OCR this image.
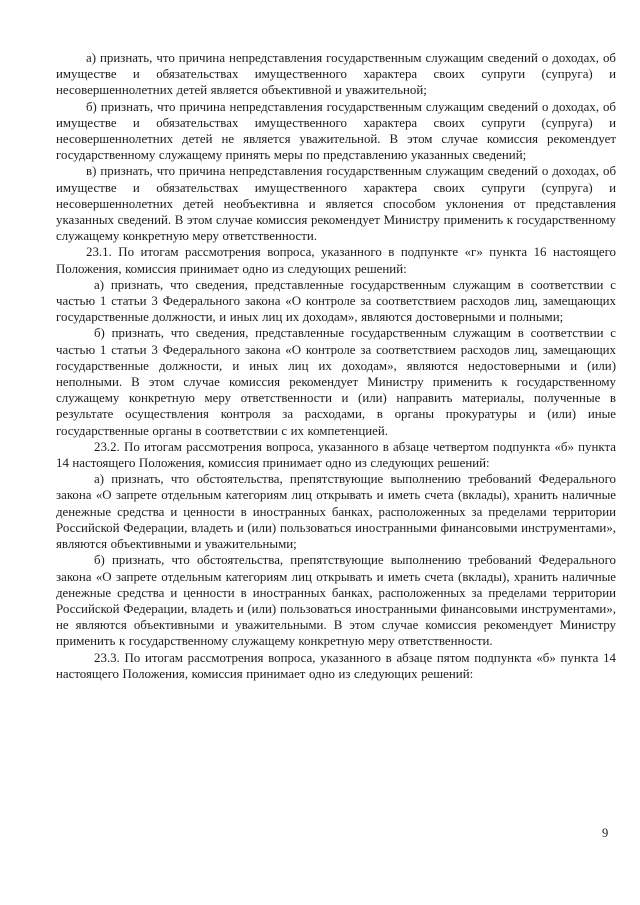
а) признать, что причина непредставления государственным служащим сведений о доходах, об имуществе и обязательствах имущественного характера своих супруги (супруга) и несовершеннолетних детей является объективной и уважительной;

б) признать, что причина непредставления государственным служащим сведений о доходах, об имуществе и обязательствах имущественного характера своих супруги (супруга) и несовершеннолетних детей не является уважительной. В этом случае комиссия рекомендует государственному служащему принять меры по представлению указанных сведений;

в) признать, что причина непредставления государственным служащим сведений о доходах, об имуществе и обязательствах имущественного характера своих супруги (супруга) и несовершеннолетних детей необъективна и является способом уклонения от представления указанных сведений. В этом случае комиссия рекомендует Министру применить к государственному служащему конкретную меру ответственности.

23.1. По итогам рассмотрения вопроса, указанного в подпункте «г» пункта 16 настоящего Положения, комиссия принимает одно из следующих решений:

а) признать, что сведения, представленные государственным служащим в соответствии с частью 1 статьи 3 Федерального закона «О контроле за соответствием расходов лиц, замещающих государственные должности, и иных лиц их доходам», являются достоверными и полными;

б) признать, что сведения, представленные государственным служащим в соответствии с частью 1 статьи 3 Федерального закона «О контроле за соответствием расходов лиц, замещающих государственные должности, и иных лиц их доходам», являются недостоверными и (или) неполными. В этом случае комиссия рекомендует Министру применить к государственному служащему конкретную меру ответственности и (или) направить материалы, полученные в результате осуществления контроля за расходами, в органы прокуратуры и (или) иные государственные органы в соответствии с их компетенцией.

23.2. По итогам рассмотрения вопроса, указанного в абзаце четвертом подпункта «б» пункта 14 настоящего Положения, комиссия принимает одно из следующих решений:

а) признать, что обстоятельства, препятствующие выполнению требований Федерального закона «О запрете отдельным категориям лиц открывать и иметь счета (вклады), хранить наличные денежные средства и ценности в иностранных банках, расположенных за пределами территории Российской Федерации, владеть и (или) пользоваться иностранными финансовыми инструментами», являются объективными и уважительными;

б) признать, что обстоятельства, препятствующие выполнению требований Федерального закона «О запрете отдельным категориям лиц открывать и иметь счета (вклады), хранить наличные денежные средства и ценности в иностранных банках, расположенных за пределами территории Российской Федерации, владеть и (или) пользоваться иностранными финансовыми инструментами», не являются объективными и уважительными. В этом случае комиссия рекомендует Министру применить к государственному служащему конкретную меру ответственности.

23.3. По итогам рассмотрения вопроса, указанного в абзаце пятом подпункта «б» пункта 14 настоящего Положения, комиссия принимает одно из следующих решений:

9
